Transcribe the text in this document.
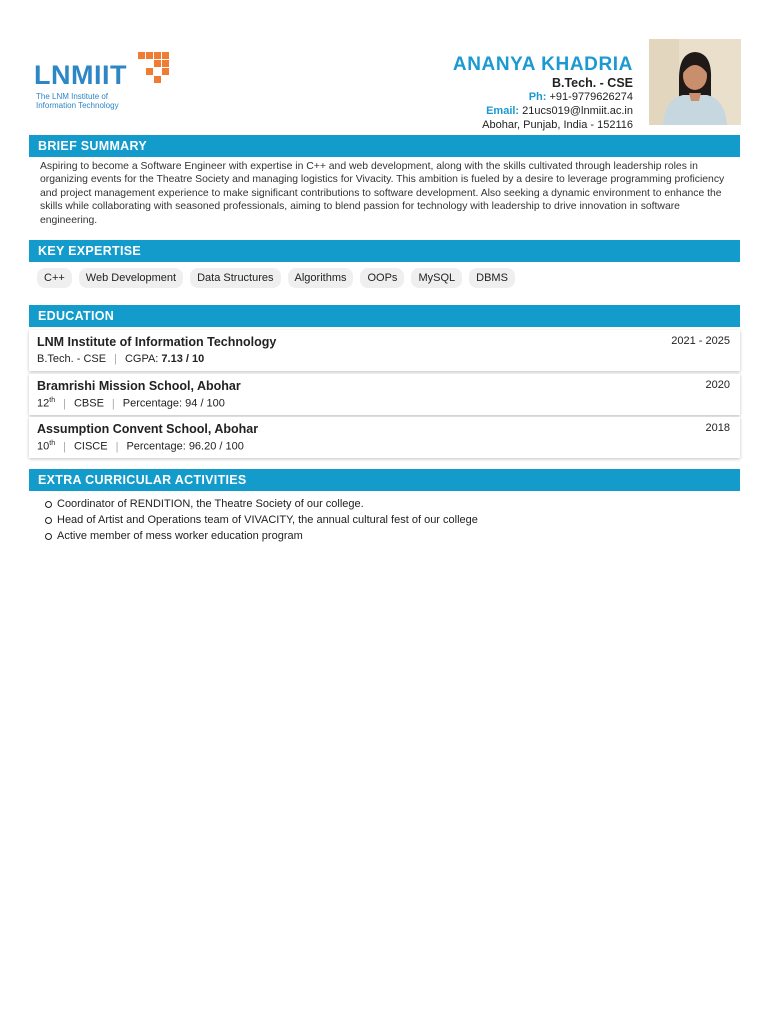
LNMIIT
The LNM Institute of
Information Technology
ANANYA KHADRIA
B.Tech. - CSE
Ph: +91-9779626274
Email: 21ucs019@lnmiit.ac.in
Abohar, Punjab, India - 152116
BRIEF SUMMARY
Aspiring to become a Software Engineer with expertise in C++ and web development, along with the skills cultivated through leadership roles in organizing events for the Theatre Society and managing logistics for Vivacity. This ambition is fueled by a desire to leverage programming proficiency and project management experience to make significant contributions to software development. Also seeking a dynamic environment to enhance the skills while collaborating with seasoned professionals, aiming to blend passion for technology with leadership to drive innovation in software engineering.
KEY EXPERTISE
C++	Web Development	Data Structures	Algorithms	OOPs	MySQL	DBMS
EDUCATION
LNM Institute of Information Technology	2021 - 2025
B.Tech. - CSE | CGPA: 7.13 / 10
Bramrishi Mission School, Abohar	2020
12th | CBSE | Percentage: 94 / 100
Assumption Convent School, Abohar	2018
10th | CISCE | Percentage: 96.20 / 100
EXTRA CURRICULAR ACTIVITIES
Coordinator of RENDITION, the Theatre Society of our college.
Head of Artist and Operations team of VIVACITY, the annual cultural fest of our college
Active member of mess worker education program
